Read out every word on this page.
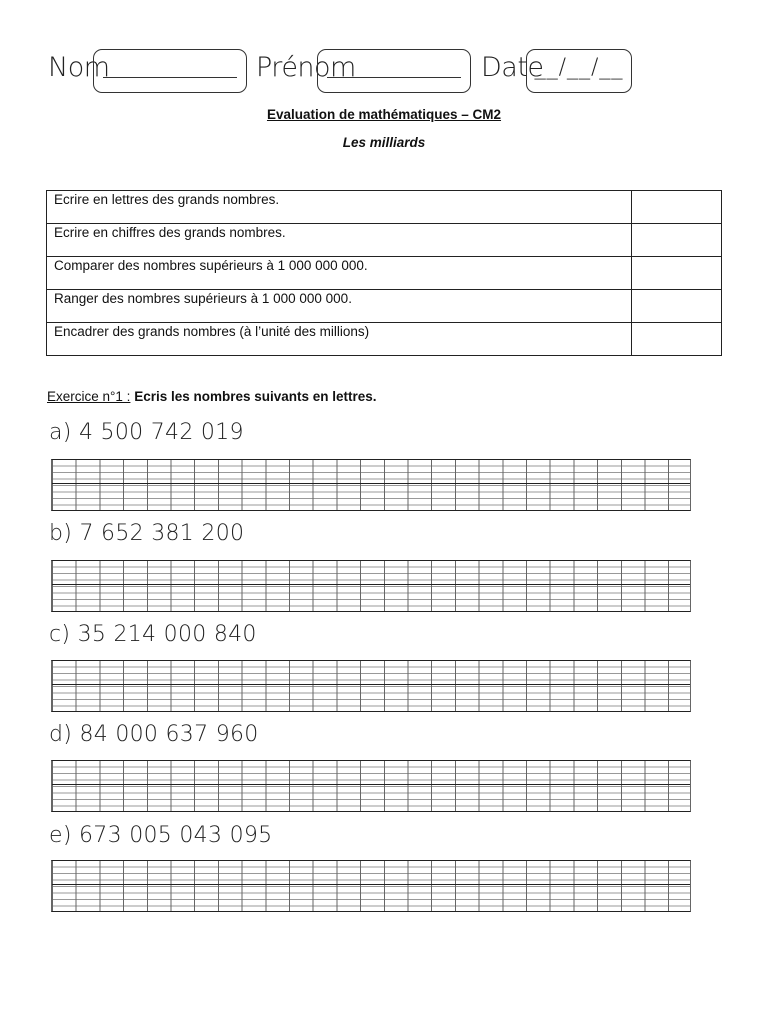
Nom	Prénom	Date
__/__/__
Evaluation de mathématiques – CM2
Les milliards
Ecrire en lettres des grands nombres.	
Ecrire en chiffres des grands nombres.	
Comparer des nombres supérieurs à 1 000 000 000.	
Ranger des nombres supérieurs à 1 000 000 000.	
Encadrer des grands nombres (à l’unité des millions)	
Exercice n°1 : Ecris les nombres suivants en lettres.
a) 4 500 742 019
b) 7 652 381 200
c) 35 214 000 840
d) 84 000 637 960
e) 673 005 043 095
